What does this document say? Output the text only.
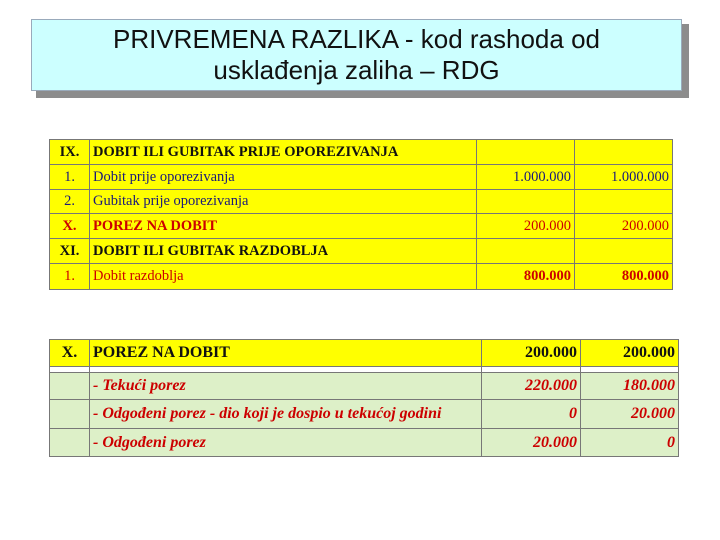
PRIVREMENA RAZLIKA - kod rashoda od
usklađenja zaliha – RDG
IX.	DOBIT ILI GUBITAK PRIJE OPOREZIVANJA		
1.	Dobit prije oporezivanja	1.000.000	1.000.000
2.	Gubitak prije oporezivanja		
X.	POREZ NA DOBIT	200.000	200.000
XI.	DOBIT ILI GUBITAK RAZDOBLJA		
1.	Dobit razdoblja	800.000	800.000
X.	POREZ NA DOBIT	200.000	200.000

	- Tekući porez	220.000	180.000
	- Odgođeni porez - dio koji je dospio u tekućoj godini	0	20.000
	- Odgođeni porez	20.000	0
